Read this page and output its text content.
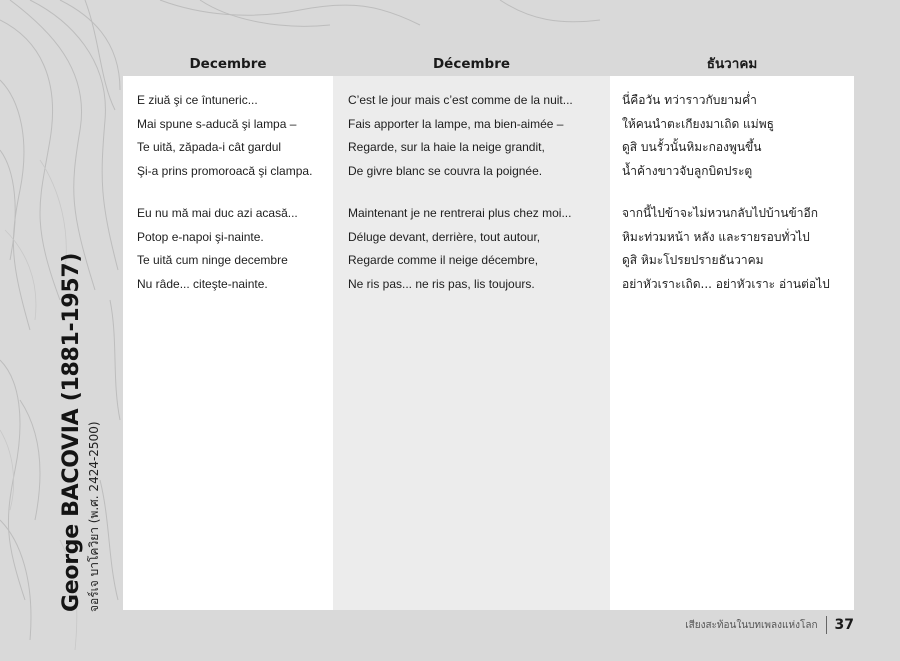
George BACOVIA (1881-1957) จอร์เจ บาโควิยา (พ.ศ. 2424-2500)
Decembre	Décembre	ธันวาคม
E ziuă şi ce întuneric...
Mai spune s-aducă şi lampa –
Te uită, zăpada-i cât gardul
Şi-a prins promoroacă şi clampa.
Eu nu mă mai duc azi acasă...
Potop e-napoi şi-nainte.
Te uită cum ninge decembre
Nu râde... citeşte-nainte.
C’est le jour mais c’est comme de la nuit...
Fais apporter la lampe, ma bien-aimée –
Regarde, sur la haie la neige grandit,
De givre blanc se couvra la poignée.
Maintenant je ne rentrerai plus chez moi...
Déluge devant, derrière, tout autour,
Regarde comme il neige décembre,
Ne ris pas... ne ris pas, lis toujours.
นี่คือวัน ทว่าราวกับยามค่ำ
ให้คนนำตะเกียงมาเถิด แม่พธู
ดูสิ บนรั้วนั้นหิมะกองพูนขึ้น
น้ำค้างขาวจับลูกบิดประตู
จากนี้ไปข้าจะไม่หวนกลับไปบ้านข้าอีก
หิมะท่วมหน้า หลัง และรายรอบทั่วไป
ดูสิ หิมะโปรยปรายธันวาคม
อย่าหัวเราะเถิด... อย่าหัวเราะ อ่านต่อไป
เสียงสะท้อนในบทเพลงแห่งโลก 37
